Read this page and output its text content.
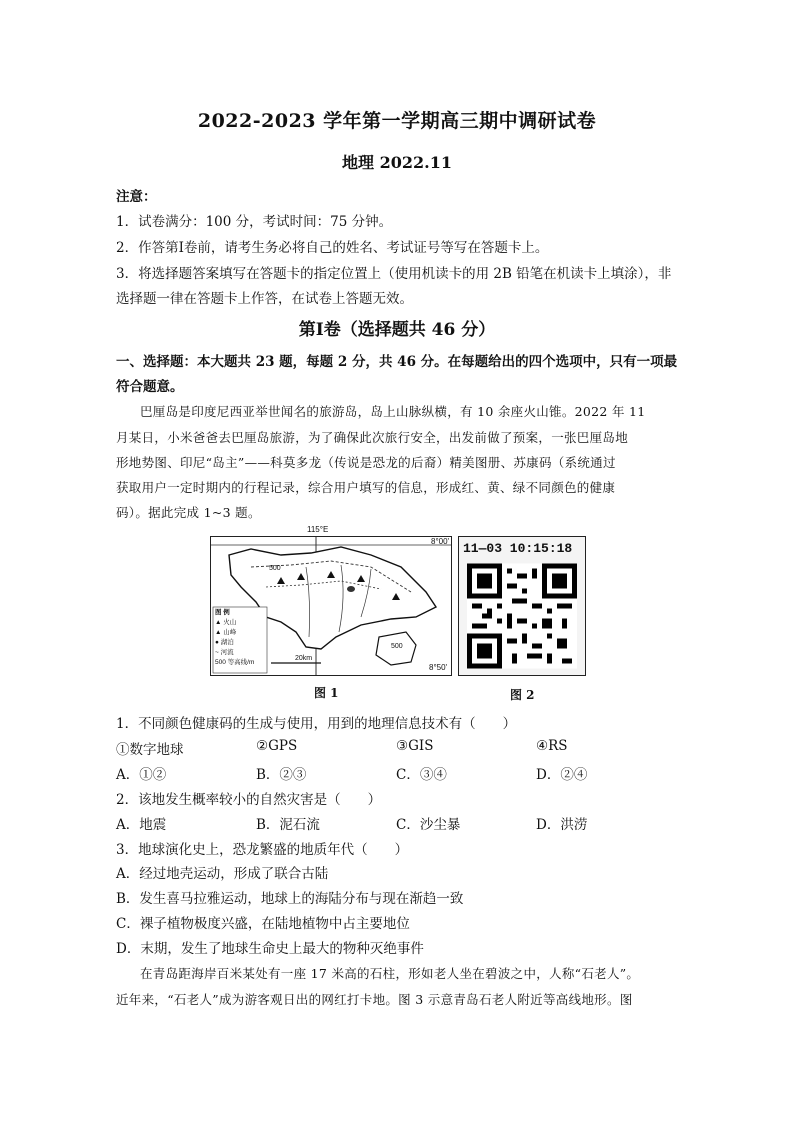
2022-2023 学年第一学期高三期中调研试卷
地理 2022.11
注意：
1．试卷满分：100 分，考试时间：75 分钟。
2．作答第Ⅰ卷前，请考生务必将自己的姓名、考试证号等写在答题卡上。
3．将选择题答案填写在答题卡的指定位置上（使用机读卡的用 2B 铅笔在机读卡上填涂），非
选择题一律在答题卡上作答，在试卷上答题无效。
第Ⅰ卷（选择题共 46 分）
一、选择题：本大题共 23 题，每题 2 分，共 46 分。在每题给出的四个选项中，只有一项最
符合题意。
巴厘岛是印度尼西亚举世闻名的旅游岛，岛上山脉纵横，有 10 余座火山锥。2022 年 11
月某日，小米爸爸去巴厘岛旅游，为了确保此次旅行安全，出发前做了预案，一张巴厘岛地
形地势图、印尼“岛主”——科莫多龙（传说是恐龙的后裔）精美图册、苏康码（系统通过
获取用户一定时期内的行程记录，综合用户填写的信息，形成红、黄、绿不同颜色的健康
码）。据此完成 1~3 题。
115°E
8°00'
8°50'
500
500
20km
图 例
▲ 火山
▲ 山峰
● 湖泊
~ 河流
500 等高线/m
图 1
11—03 10:15:18
图 2
1．不同颜色健康码的生成与使用，用到的地理信息技术有（　　）
①数字地球	②GPS	③GIS	④RS
A．①②	B．②③	C．③④	D．②④
2．该地发生概率较小的自然灾害是（　　）
A．地震	B．泥石流	C．沙尘暴	D．洪涝
3．地球演化史上，恐龙繁盛的地质年代（　　）
A．经过地壳运动，形成了联合古陆
B．发生喜马拉雅运动，地球上的海陆分布与现在渐趋一致
C．裸子植物极度兴盛，在陆地植物中占主要地位
D．末期，发生了地球生命史上最大的物种灭绝事件
在青岛距海岸百米某处有一座 17 米高的石柱，形如老人坐在碧波之中，人称“石老人”。
近年来，“石老人”成为游客观日出的网红打卡地。图 3 示意青岛石老人附近等高线地形。图
